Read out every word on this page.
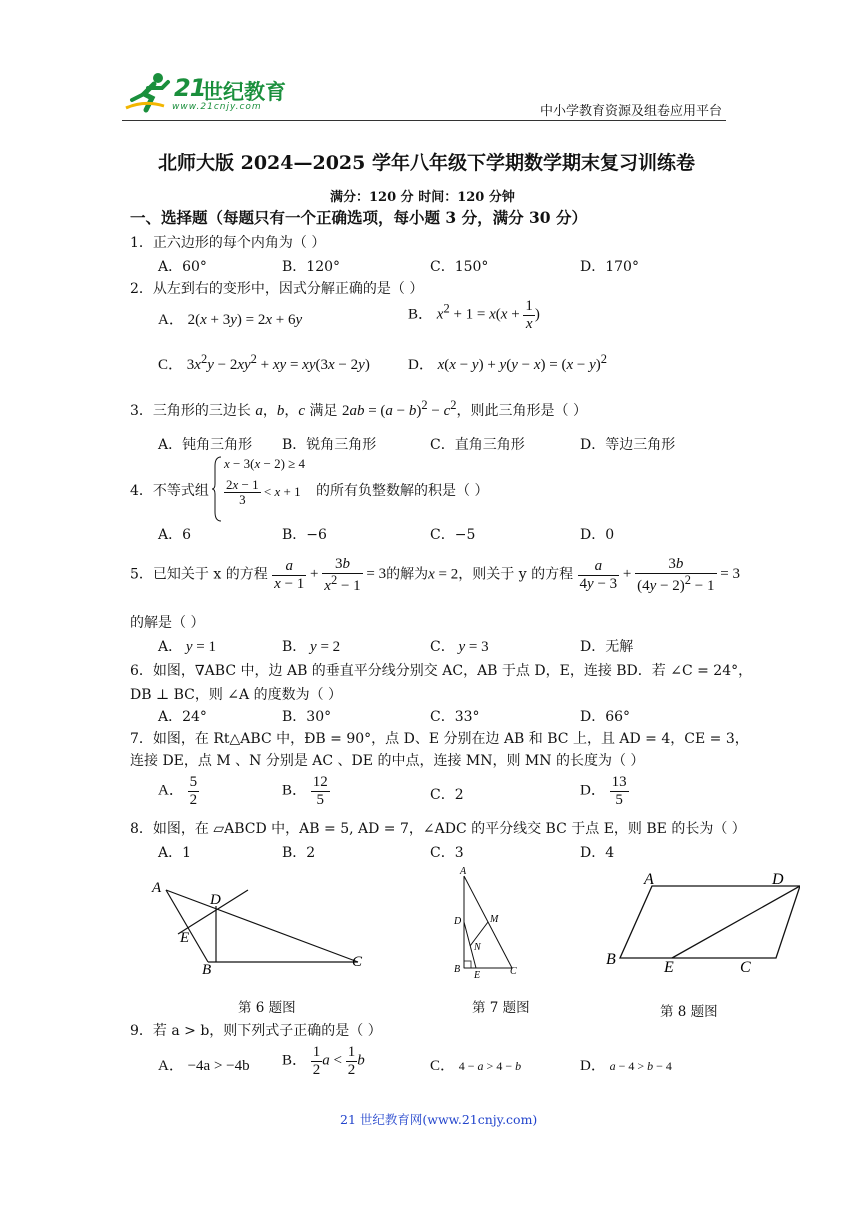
21
世纪教育
www.21cnjy.com	中小学教育资源及组卷应用平台
北师大版 2024—2025 学年八年级下学期数学期末复习训练卷
满分：120 分 时间：120 分钟
一、选择题（每题只有一个正确选项，每小题 3 分，满分 30 分）
1．正六边形的每个内角为（ ）
A．60°	B．120°	C．150°	D．170°
2．从左到右的变形中，因式分解正确的是（ ）
A． 2(x + 3y) = 2x + 6y	B． $x^2 + 1 = x(x + \frac{1}{x}$ )
C． $3x^2y - 2xy^2$ + xy = xy(3x − 2y)	D． $x(x - y) + y(y - x) = (x - y)^2$
3．三角形的三边长 a，b，c 满足 $2ab = (a - b)^2 - c^2$，则此三角形是（ ）
A．钝角三角形 B．锐角三角形	C．直角三角形	D．等边三角形
4．不等式组
x − 3(x − 2) ≥ 4
$\frac{2x - 1}{3} < x + 1$ 的所有负整数解的积是（ ）
A．6	B．−6	C．−5	D．0
5．已知关于 x 的方程 $\frac{a}{x - 1} + \frac{3b}{x^2 - 1} = 3$的解为x = 2，则关于 y 的方程 $\frac{a}{4y - 3} + \frac{3b}{(4y - 2)^2 - 1} = 3$
的解是（ ）
A． y = 1	B． y = 2	C． y = 3	D．无解
6．如图，∇ABC 中，边 AB 的垂直平分线分别交 AC，AB 于点 D，E，连接 BD．若 ∠C = 24°，
DB ⊥ BC，则 ∠A 的度数为（ ）
A．24°	B．30°	C．33°	D．66°
7．如图，在 Rt△ABC 中，ÐB = 90°，点 D、E 分别在边 AB 和 BC 上，且 AD = 4，CE = 3，
连接 DE，点 M 、N 分别是 AC 、DE 的中点，连接 MN，则 MN 的长度为（ ）
A． $\frac{5}{2}$	B． $\frac{12}{5}$	C．2	D． $\frac{13}{5}$
8．如图，在 ▱ABCD 中，AB = 5, AD = 7，∠ADC 的平分线交 BC 于点 E，则 BE 的长为（ ）
A．1	B．2	C．3	D．4
A
D
E
B	C
第 6 题图
A
D	M
N
B
E	C
第 7 题图
A	D
B	E	C
第 8 题图
9．若 a > b，则下列式子正确的是（ ）
A． −4a > −4b B． $\frac{1}{2}$ $a < \frac{1}{2}$ b	C． 4 − a > 4 − b	D． a − 4 > b − 4
21 世纪教育网(www.21cnjy.com)
